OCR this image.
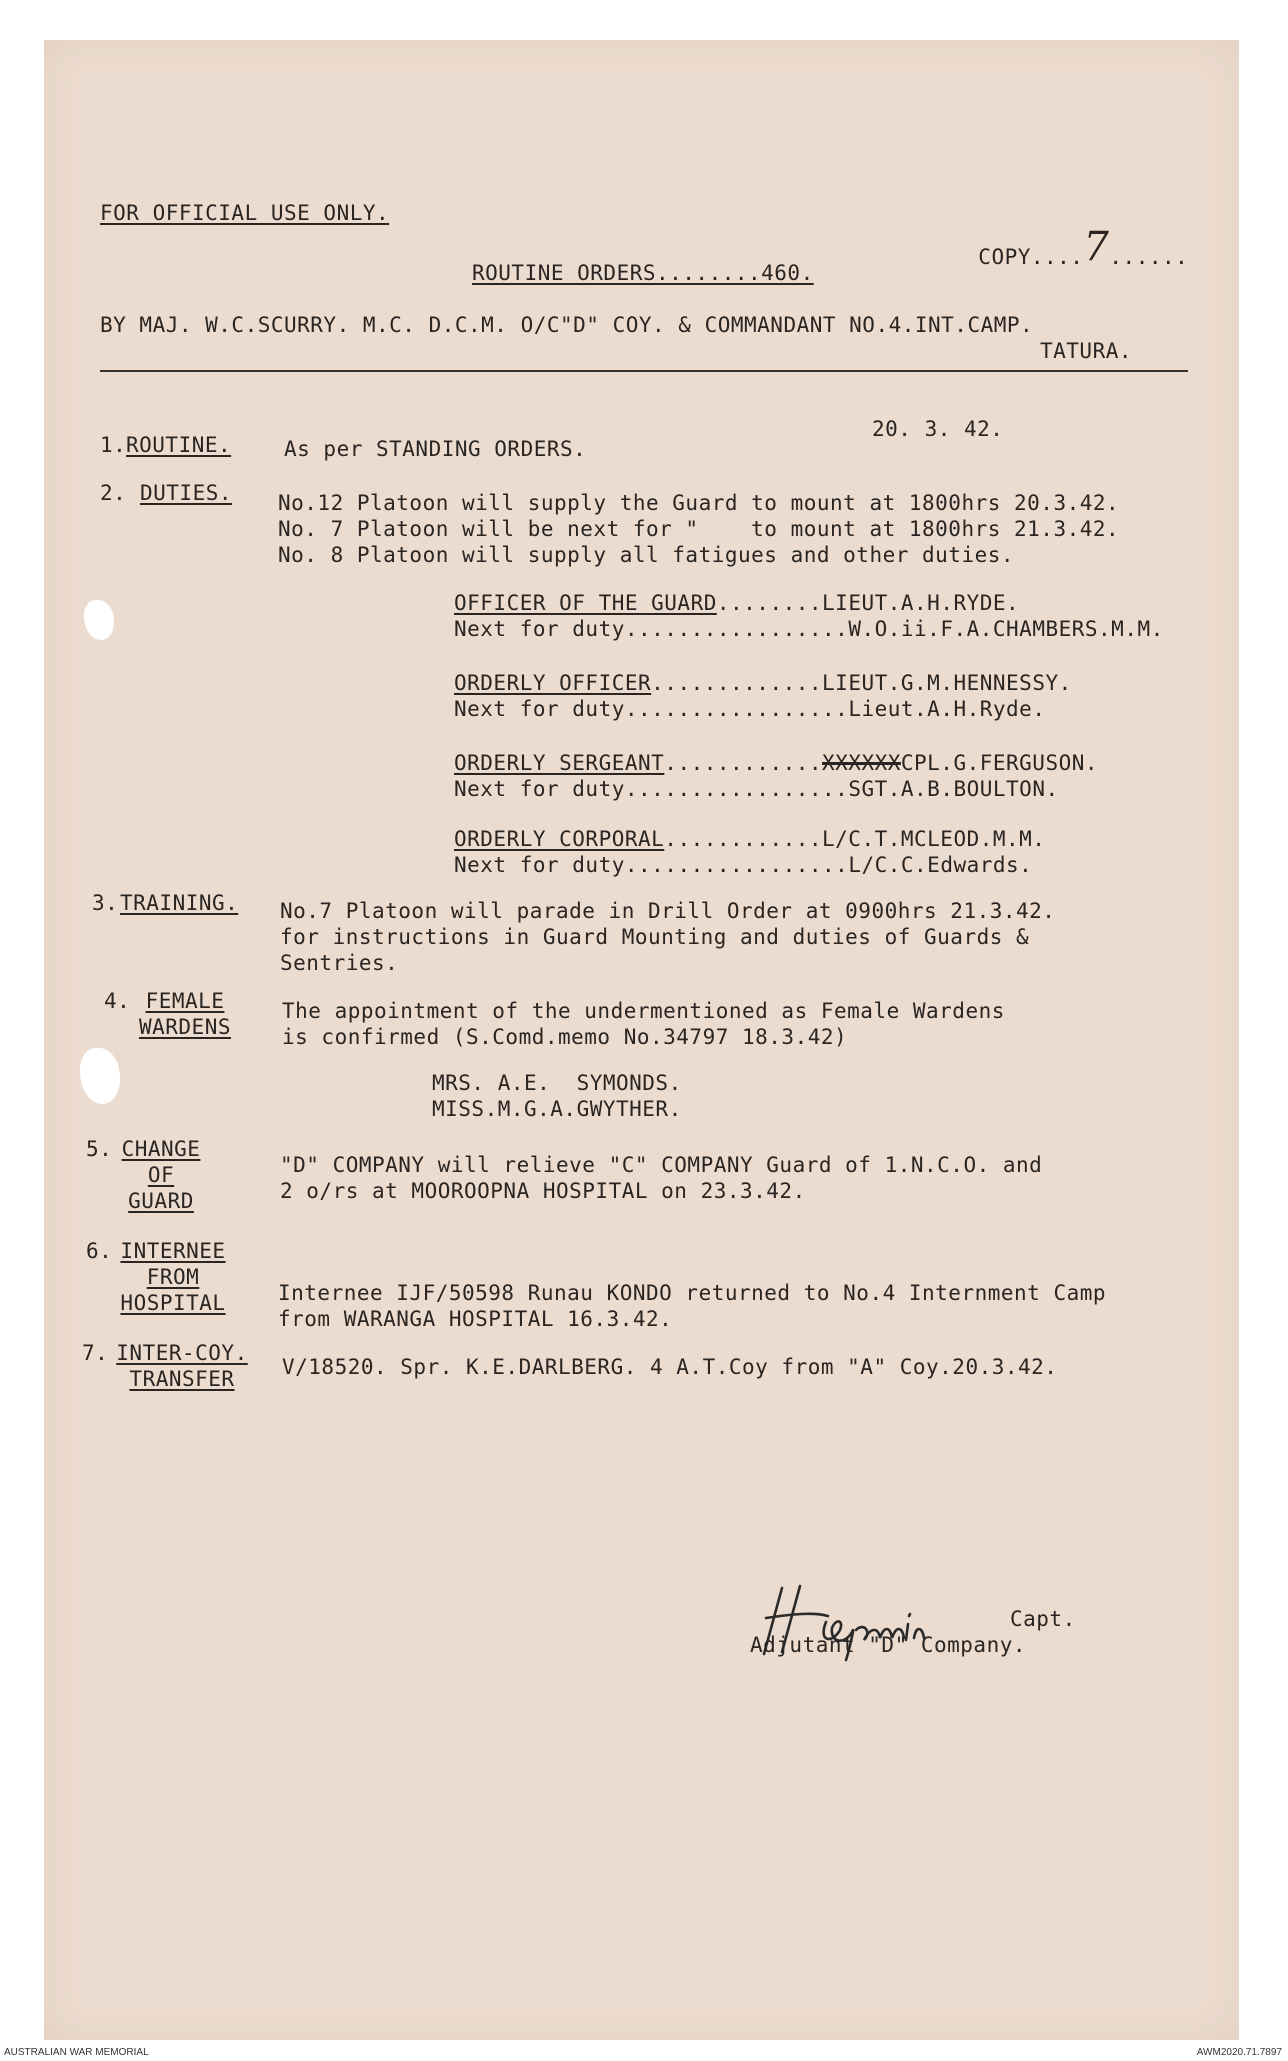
FOR OFFICIAL USE ONLY.

COPY....7......

ROUTINE ORDERS........460.
BY MAJ. W.C.SCURRY. M.C. D.C.M. O/C"D" COY. & COMMANDANT NO.4.INT.CAMP.
TATURA.
20. 3. 42.
1. ROUTINE.	As per STANDING ORDERS.
2. DUTIES. No.12 Platoon will supply the Guard to mount at 1800hrs 20.3.42.
No. 7 Platoon will be next for "    to mount at 1800hrs 21.3.42.
No. 8 Platoon will supply all fatigues and other duties.
OFFICER OF THE GUARD........LIEUT.A.H.RYDE.
Next for duty.................W.O.ii.F.A.CHAMBERS.M.M.
ORDERLY OFFICER.............LIEUT.G.M.HENNESSY.
Next for duty.................Lieut.A.H.Ryde.
ORDERLY SERGEANT............XXXXXXCPL.G.FERGUSON.
Next for duty.................SGT.A.B.BOULTON.
ORDERLY CORPORAL............L/C.T.MCLEOD.M.M.
Next for duty.................L/C.C.Edwards.
3. TRAINING. No.7 Platoon will parade in Drill Order at 0900hrs 21.3.42.
for instructions in Guard Mounting and duties of Guards &
Sentries.
4. FEMALE
WARDENS
The appointment of the undermentioned as Female Wardens
is confirmed (S.Comd.memo No.34797 18.3.42)
MRS. A.E.  SYMONDS.
MISS.M.G.A.GWYTHER.
5. CHANGE
OF
GUARD
"D" COMPANY will relieve "C" COMPANY Guard of 1.N.C.O. and
2 o/rs at MOOROOPNA HOSPITAL on 23.3.42.
6. INTERNEE
FROM
HOSPITAL	Internee IJF/50598 Runau KONDO returned to No.4 Internment Camp
from WARANGA HOSPITAL 16.3.42.
7. INTER-COY.
TRANSFER	V/18520. Spr. K.E.DARLBERG. 4 A.T.Coy from "A" Coy.20.3.42.
Capt.
Adjutant "D" Company.
AUSTRALIAN WAR MEMORIAL	AWM2020.71.7897
